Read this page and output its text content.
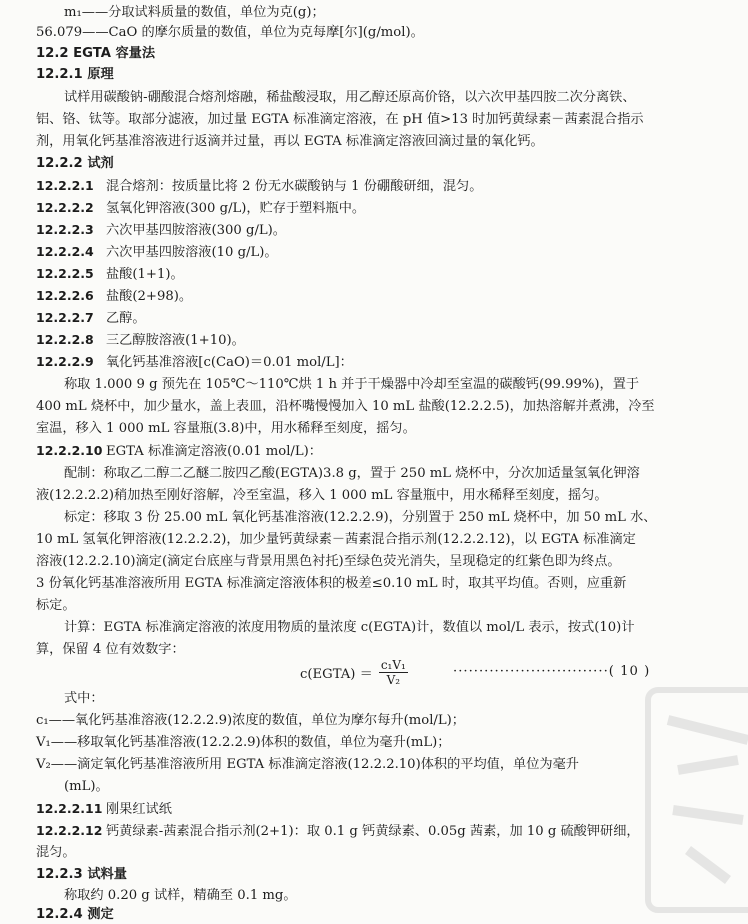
m₁——分取试料质量的数值，单位为克(g)；
56.079——CaO 的摩尔质量的数值，单位为克每摩[尔](g/mol)。
12.2 EGTA 容量法
12.2.1 原理
试样用碳酸钠-硼酸混合熔剂熔融，稀盐酸浸取，用乙醇还原高价铬，以六次甲基四胺二次分离铁、
铝、铬、钛等。取部分滤液，加过量 EGTA 标准滴定溶液，在 pH 值>13 时加钙黄绿素－茜素混合指示
剂，用氧化钙基准溶液进行返滴并过量，再以 EGTA 标准滴定溶液回滴过量的氧化钙。
12.2.2 试剂
12.2.2.1 混合熔剂：按质量比将 2 份无水碳酸钠与 1 份硼酸研细，混匀。
12.2.2.2 氢氧化钾溶液(300 g/L)，贮存于塑料瓶中。
12.2.2.3 六次甲基四胺溶液(300 g/L)。
12.2.2.4 六次甲基四胺溶液(10 g/L)。
12.2.2.5 盐酸(1+1)。
12.2.2.6 盐酸(2+98)。
12.2.2.7 乙醇。
12.2.2.8 三乙醇胺溶液(1+10)。
12.2.2.9 氧化钙基准溶液[c(CaO)＝0.01 mol/L]：
称取 1.000 9 g 预先在 105℃～110℃烘 1 h 并于干燥器中冷却至室温的碳酸钙(99.99%)，置于
400 mL 烧杯中，加少量水，盖上表皿，沿杯嘴慢慢加入 10 mL 盐酸(12.2.2.5)，加热溶解并煮沸，冷至
室温，移入 1 000 mL 容量瓶(3.8)中，用水稀释至刻度，摇匀。
12.2.2.10 EGTA 标准滴定溶液(0.01 mol/L)：
配制：称取乙二醇二乙醚二胺四乙酸(EGTA)3.8 g，置于 250 mL 烧杯中，分次加适量氢氧化钾溶
液(12.2.2.2)稍加热至刚好溶解，冷至室温，移入 1 000 mL 容量瓶中，用水稀释至刻度，摇匀。
标定：移取 3 份 25.00 mL 氧化钙基准溶液(12.2.2.9)，分别置于 250 mL 烧杯中，加 50 mL 水、
10 mL 氢氧化钾溶液(12.2.2.2)，加少量钙黄绿素－茜素混合指示剂(12.2.2.12)，以 EGTA 标准滴定
溶液(12.2.2.10)滴定(滴定台底座与背景用黑色衬托)至绿色荧光消失，呈现稳定的红紫色即为终点。
3 份氧化钙基准溶液所用 EGTA 标准滴定溶液体积的极差≤0.10 mL 时，取其平均值。否则，应重新
标定。
计算：EGTA 标准滴定溶液的浓度用物质的量浓度 c(EGTA)计，数值以 mol/L 表示，按式(10)计
算，保留 4 位有效数字：
c(EGTA) ＝ $\frac{\text{c₁V₁}}{\text{V₂}}$	······························( 10 )
式中：
c₁——氧化钙基准溶液(12.2.2.9)浓度的数值，单位为摩尔每升(mol/L)；
V₁——移取氧化钙基准溶液(12.2.2.9)体积的数值，单位为毫升(mL)；
V₂——滴定氧化钙基准溶液所用 EGTA 标准滴定溶液(12.2.2.10)体积的平均值，单位为毫升
(mL)。
12.2.2.11 刚果红试纸
12.2.2.12 钙黄绿素-茜素混合指示剂(2+1)：取 0.1 g 钙黄绿素、0.05g 茜素，加 10 g 硫酸钾研细，
混匀。
12.2.3 试料量
称取约 0.20 g 试样，精确至 0.1 mg。
12.2.4 测定
